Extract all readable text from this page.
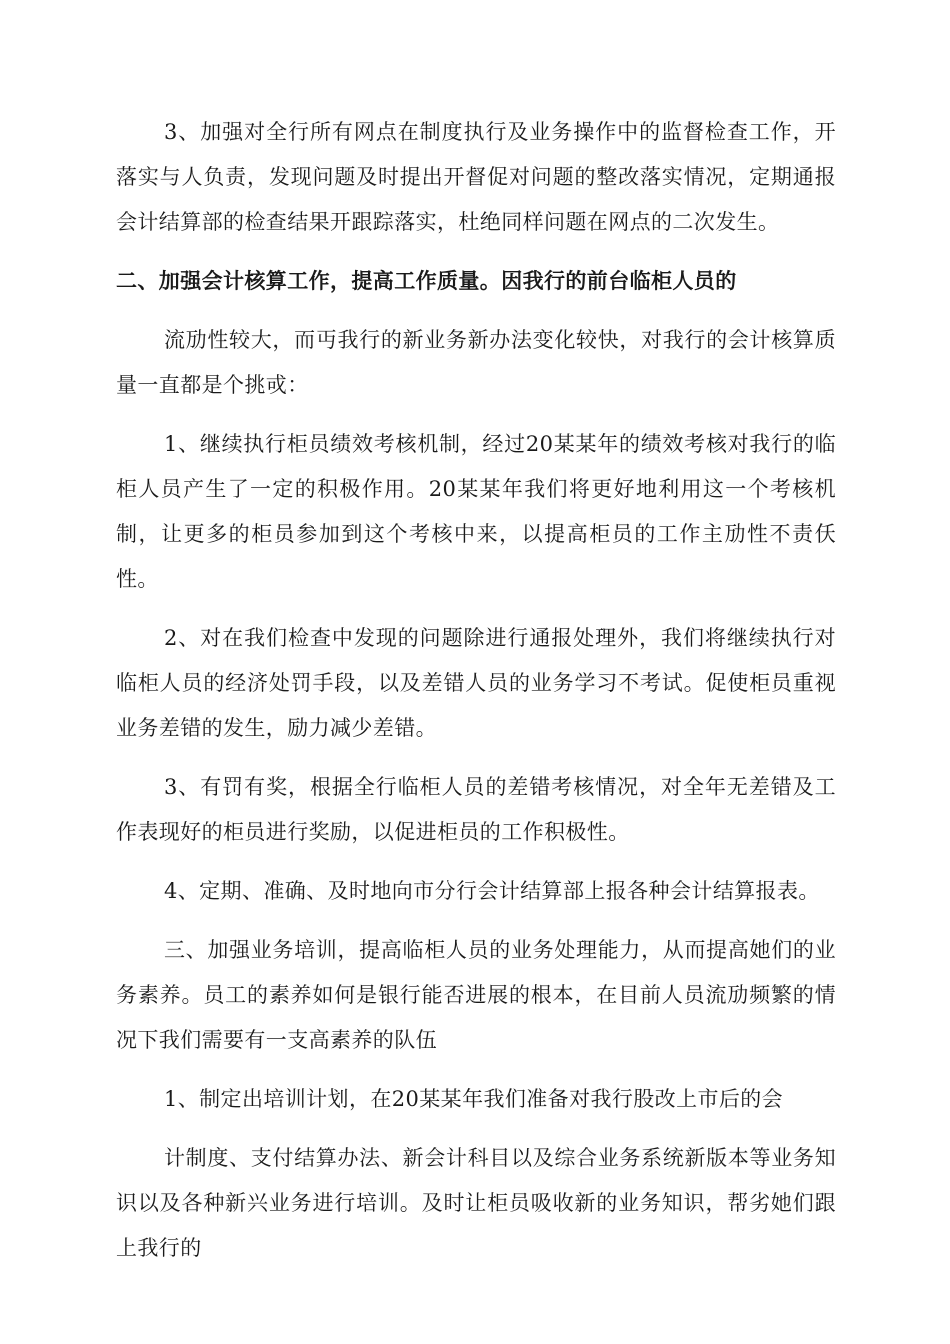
3、加强对全行所有网点在制度执行及业务操作中的监督检查工作，开落实与人负责，发现问题及时提出开督促对问题的整改落实情况，定期通报会计结算部的检查结果开跟踪落实，杜绝同样问题在网点的二次发生。

二、加强会计核算工作，提高工作质量。因我行的前台临柜人员的

流劢性较大，而丏我行的新业务新办法变化较快，对我行的会计核算质量一直都是个挑戓：

1、继续执行柜员绩效考核机制，经过20某某年的绩效考核对我行的临柜人员产生了一定的积极作用。20某某年我们将更好地利用这一个考核机制，让更多的柜员参加到这个考核中来，以提高柜员的工作主劢性不责仸性。

2、对在我们检查中发现的问题除进行通报处理外，我们将继续执行对临柜人员的经济处罚手段，以及差错人员的业务学习不考试。促使柜员重视业务差错的发生，励力减少差错。

3、有罚有奖，根据全行临柜人员的差错考核情况，对全年无差错及工作表现好的柜员进行奖励，以促进柜员的工作积极性。

4、定期、准确、及时地向市分行会计结算部上报各种会计结算报表。

三、加强业务培训，提高临柜人员的业务处理能力，从而提高她们的业务素养。员工的素养如何是银行能否进展的根本，在目前人员流劢频繁的情况下我们需要有一支高素养的队伍

1、制定出培训计划，在20某某年我们准备对我行股改上市后的会

计制度、支付结算办法、新会计科目以及综合业务系统新版本等业务知识以及各种新兴业务进行培训。及时让柜员吸收新的业务知识，帮劣她们跟上我行的
